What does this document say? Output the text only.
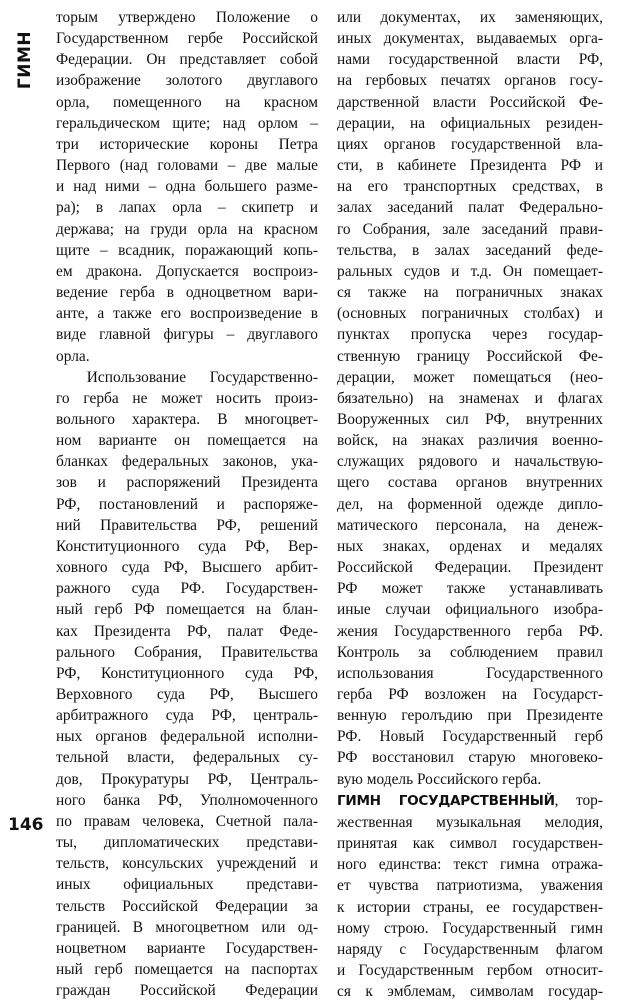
ГИМН
торым утверждено Положение о
Государственном гербе Российской
Федерации. Он представляет собой
изображение золотого двуглавого
орла, помещенного на красном
геральдическом щите; над орлом –
три исторические короны Петра
Первого (над головами – две малые
и над ними – одна большего разме-
ра); в лапах орла – скипетр и
держава; на груди орла на красном
щите – всадник, поражающий копь-
ем дракона. Допускается воспроиз-
ведение герба в одноцветном вари-
анте, а также его воспроизведение в
виде главной фигуры – двуглавого
орла.
Использование Государственно-
го герба не может носить произ-
вольного характера. В многоцвет-
ном варианте он помещается на
бланках федеральных законов, ука-
зов и распоряжений Президента
РФ, постановлений и распоряже-
ний Правительства РФ, решений
Конституционного суда РФ, Вер-
ховного суда РФ, Высшего арбит-
ражного суда РФ. Государствен-
ный герб РФ помещается на блан-
ках Президента РФ, палат Феде-
рального Собрания, Правительства
РФ, Конституционного суда РФ,
Верховного суда РФ, Высшего
арбитражного суда РФ, централь-
ных органов федеральной исполни-
тельной власти, федеральных су-
дов, Прокуратуры РФ, Централь-
ного банка РФ, Уполномоченного
по правам человека, Счетной пала-
ты, дипломатических представи-
тельств, консульских учреждений и
иных официальных представи-
тельств Российской Федерации за
границей. В многоцветном или од-
ноцветном варианте Государствен-
ный герб помещается на паспортах
граждан Российской Федерации
или документах, их заменяющих,
иных документах, выдаваемых орга-
нами государственной власти РФ,
на гербовых печатях органов госу-
дарственной власти Российской Фе-
дерации, на официальных резиден-
циях органов государственной вла-
сти, в кабинете Президента РФ и
на его транспортных средствах, в
залах заседаний палат Федерально-
го Собрания, зале заседаний прави-
тельства, в залах заседаний феде-
ральных судов и т.д. Он помещает-
ся также на пограничных знаках
(основных пограничных столбах) и
пунктах пропуска через государ-
ственную границу Российской Фе-
дерации, может помещаться (нео-
бязательно) на знаменах и флагах
Вооруженных сил РФ, внутренних
войск, на знаках различия военно-
служащих рядового и начальствую-
щего состава органов внутренних
дел, на форменной одежде дипло-
матического персонала, на денеж-
ных знаках, орденах и медалях
Российской Федерации. Президент
РФ может также устанавливать
иные случаи официального изобра-
жения Государственного герба РФ.
Контроль за соблюдением правил
использования Государственного
герба РФ возложен на Государст-
венную геролъдию при Президенте
РФ. Новый Государственный герб
РФ восстановил старую многовеко-
вую модель Российского герба.
ГИМН ГОСУДАРСТВЕННЫЙ, тор-
жественная музыкальная мелодия,
принятая как символ государствен-
ного единства: текст гимна отража-
ет чувства патриотизма, уважения
к истории страны, ее государствен-
ному строю. Государственный гимн
наряду с Государственным флагом
и Государственным гербом относит-
ся к эмблемам, символам государ-
146
